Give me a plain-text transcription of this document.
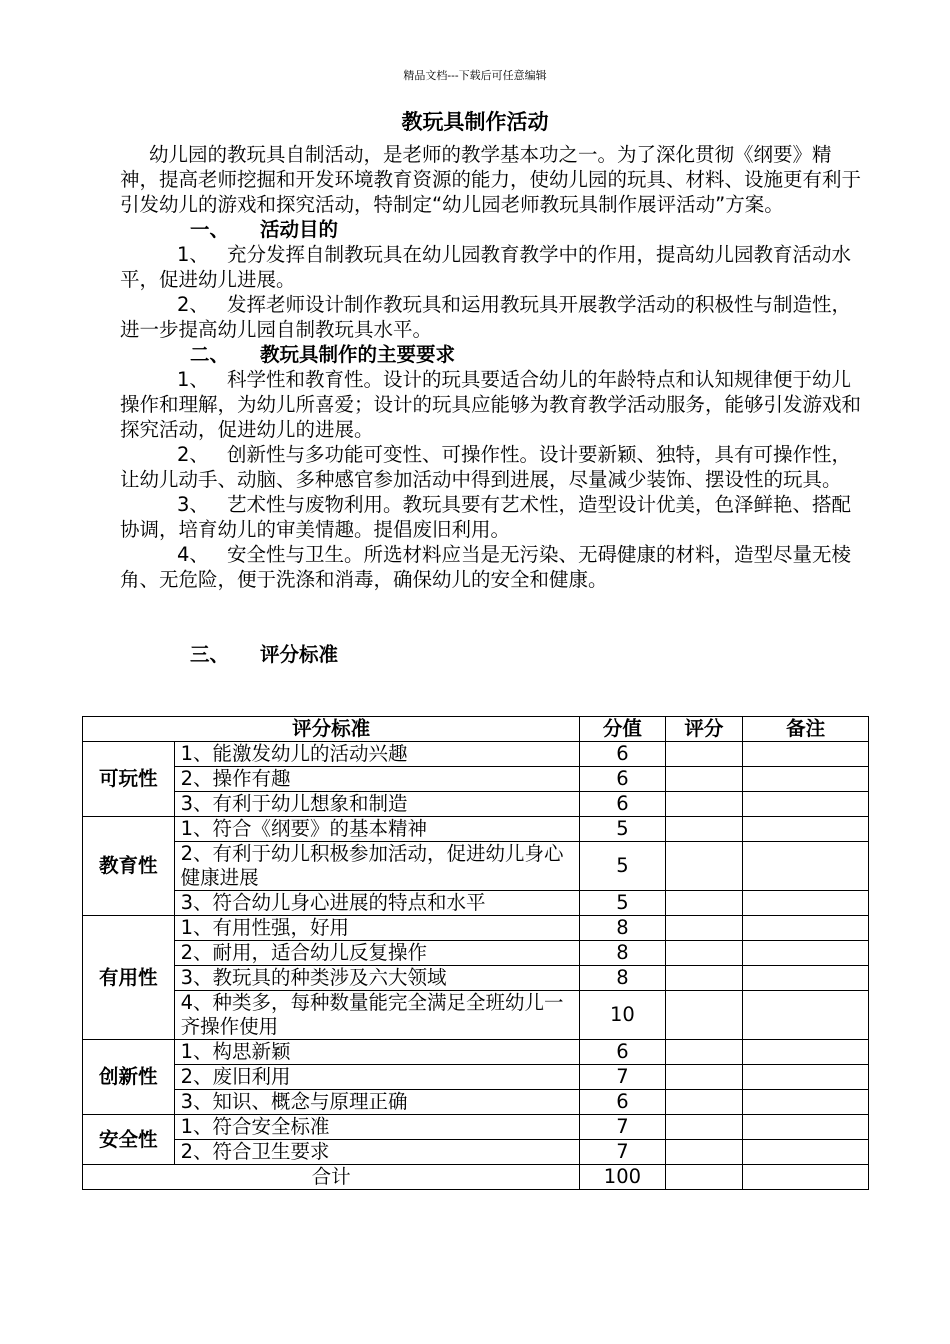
精品文档---下载后可任意编辑
教玩具制作活动

幼儿园的教玩具自制活动，是老师的教学基本功之一。为了深化贯彻《纲要》精神，提高老师挖掘和开发环境教育资源的能力，使幼儿园的玩具、材料、设施更有利于引发幼儿的游戏和探究活动，特制定“幼儿园老师教玩具制作展评活动”方案。

一、 活动目的

1、 充分发挥自制教玩具在幼儿园教育教学中的作用，提高幼儿园教育活动水平，促进幼儿进展。

2、 发挥老师设计制作教玩具和运用教玩具开展教学活动的积极性与制造性，进一步提高幼儿园自制教玩具水平。

二、 教玩具制作的主要要求

1、 科学性和教育性。设计的玩具要适合幼儿的年龄特点和认知规律便于幼儿操作和理解，为幼儿所喜爱；设计的玩具应能够为教育教学活动服务，能够引发游戏和探究活动，促进幼儿的进展。

2、 创新性与多功能可变性、可操作性。设计要新颖、独特，具有可操作性，让幼儿动手、动脑、多种感官参加活动中得到进展，尽量减少装饰、摆设性的玩具。

3、 艺术性与废物利用。教玩具要有艺术性，造型设计优美，色泽鲜艳、搭配协调，培育幼儿的审美情趣。提倡废旧利用。

4、 安全性与卫生。所选材料应当是无污染、无碍健康的材料，造型尽量无棱角、无危险，便于洗涤和消毒，确保幼儿的安全和健康。

三、 评分标准

评分标准		分值	评分	备注
可玩性	1、能激发幼儿的活动兴趣	6		
	2、操作有趣	6		
	3、有利于幼儿想象和制造	6		
教育性	1、符合《纲要》的基本精神	5		
	2、有利于幼儿积极参加活动，促进幼儿身心健康进展	5		
	3、符合幼儿身心进展的特点和水平	5		
有用性	1、有用性强，好用	8		
	2、耐用，适合幼儿反复操作	8		
	3、教玩具的种类涉及六大领域	8		
	4、种类多，每种数量能完全满足全班幼儿一齐操作使用	10		
创新性	1、构思新颖	6		
	2、废旧利用	7		
	3、知识、概念与原理正确	6		
安全性	1、符合安全标准	7		
	2、符合卫生要求	7		
合计		100		
